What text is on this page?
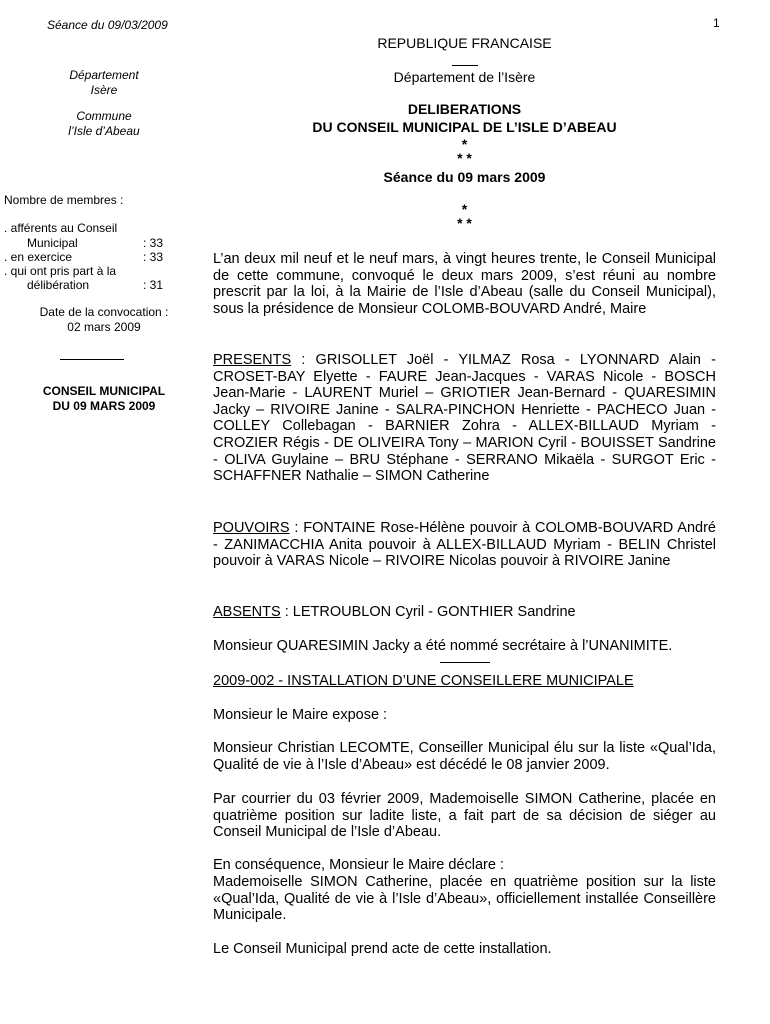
Séance du 09/03/2009	1
Département
Isère
Commune
l’Isle d’Abeau
Nombre de membres :
. afférents au Conseil
Municipal	: 33
. en exercice	: 33
. qui ont pris part à la
délibération	: 31
Date de la convocation :
02 mars 2009
CONSEIL MUNICIPAL
DU 09 MARS 2009
REPUBLIQUE FRANCAISE
Département de l’Isère
DELIBERATIONS
DU CONSEIL MUNICIPAL DE L’ISLE D’ABEAU
*
* *
Séance du 09 mars 2009
*
* *

L’an deux mil neuf et le neuf mars, à vingt heures trente, le Conseil Municipal de cette commune, convoqué le deux mars 2009, s’est réuni au nombre prescrit par la loi, à la Mairie de l’Isle d’Abeau (salle du Conseil Municipal), sous la présidence de Monsieur COLOMB-BOUVARD André, Maire

PRESENTS : GRISOLLET Joël - YILMAZ Rosa - LYONNARD Alain - CROSET-BAY Elyette - FAURE Jean-Jacques - VARAS Nicole - BOSCH Jean-Marie - LAURENT Muriel – GRIOTIER Jean-Bernard - QUARESIMIN Jacky – RIVOIRE Janine - SALRA-PINCHON Henriette - PACHECO Juan - COLLEY Collebagan - BARNIER Zohra - ALLEX-BILLAUD Myriam - CROZIER Régis - DE OLIVEIRA Tony – MARION Cyril - BOUISSET Sandrine - OLIVA Guylaine – BRU Stéphane - SERRANO Mikaëla - SURGOT Eric - SCHAFFNER Nathalie – SIMON Catherine

POUVOIRS : FONTAINE Rose-Hélène pouvoir à COLOMB-BOUVARD André - ZANIMACCHIA Anita pouvoir à ALLEX-BILLAUD Myriam - BELIN Christel pouvoir à VARAS Nicole – RIVOIRE Nicolas pouvoir à RIVOIRE Janine

ABSENTS : LETROUBLON Cyril - GONTHIER Sandrine

Monsieur QUARESIMIN Jacky a été nommé secrétaire à l’UNANIMITE.

2009-002 - INSTALLATION D’UNE CONSEILLERE MUNICIPALE

Monsieur le Maire expose :

Monsieur Christian LECOMTE, Conseiller Municipal élu sur la liste «Qual’Ida, Qualité de vie à l’Isle d’Abeau» est décédé le 08 janvier 2009.

Par courrier du 03 février 2009, Mademoiselle SIMON Catherine, placée en quatrième position sur ladite liste, a fait part de sa décision de siéger au Conseil Municipal de l’Isle d’Abeau.

En conséquence, Monsieur le Maire déclare :

Mademoiselle SIMON Catherine, placée en quatrième position sur la liste «Qual’Ida, Qualité de vie à l’Isle d’Abeau», officiellement installée Conseillère Municipale.

Le Conseil Municipal prend acte de cette installation.
